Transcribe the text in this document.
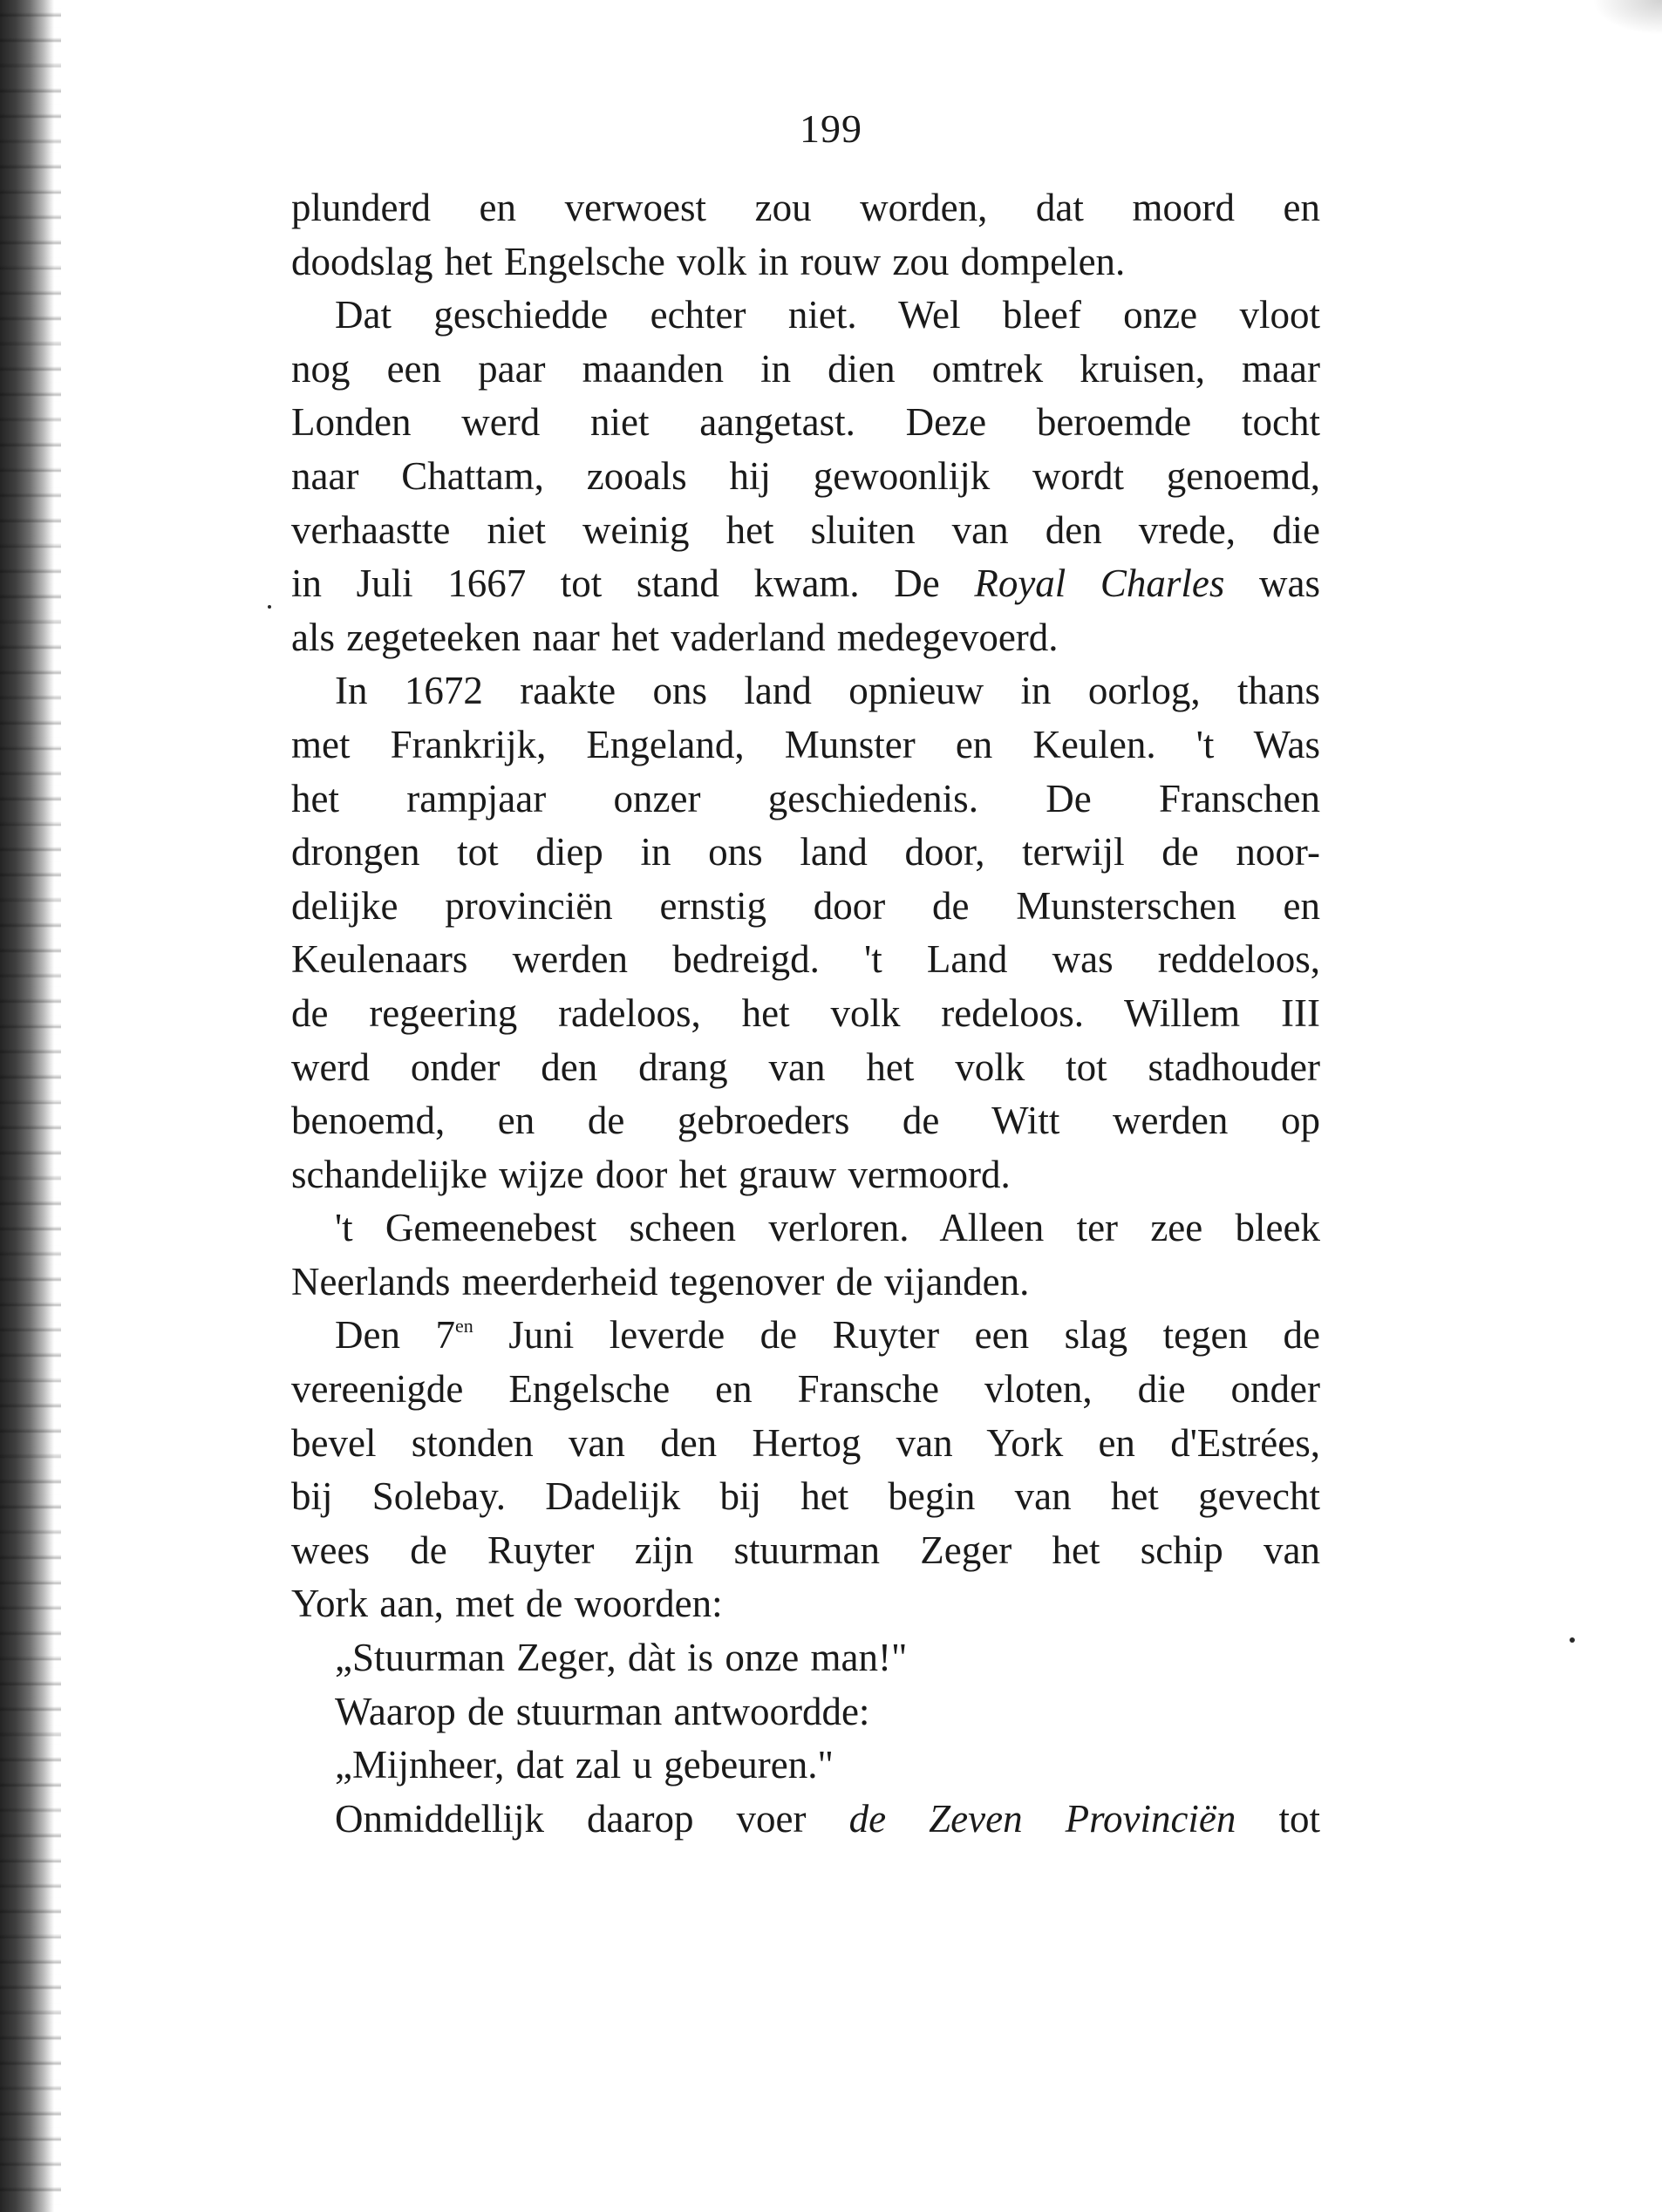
199
plunderd en verwoest zou worden, dat moord en
doodslag het Engelsche volk in rouw zou dompelen.
Dat geschiedde echter niet. Wel bleef onze vloot
nog een paar maanden in dien omtrek kruisen, maar
Londen werd niet aangetast. Deze beroemde tocht
naar Chattam, zooals hij gewoonlijk wordt genoemd,
verhaastte niet weinig het sluiten van den vrede, die
in Juli 1667 tot stand kwam. De Royal Charles was
als zegeteeken naar het vaderland medegevoerd.
In 1672 raakte ons land opnieuw in oorlog, thans
met Frankrijk, Engeland, Munster en Keulen. 't Was
het rampjaar onzer geschiedenis. De Franschen
drongen tot diep in ons land door, terwijl de noor-
delijke provinciën ernstig door de Munsterschen en
Keulenaars werden bedreigd. 't Land was reddeloos,
de regeering radeloos, het volk redeloos. Willem III
werd onder den drang van het volk tot stadhouder
benoemd, en de gebroeders de Witt werden op
schandelijke wijze door het grauw vermoord.
't Gemeenebest scheen verloren. Alleen ter zee bleek
Neerlands meerderheid tegenover de vijanden.
Den $7^{en}$ Juni leverde de Ruyter een slag tegen de
vereenigde Engelsche en Fransche vloten, die onder
bevel stonden van den Hertog van York en d'Estrées,
bij Solebay. Dadelijk bij het begin van het gevecht
wees de Ruyter zijn stuurman Zeger het schip van
York aan, met de woorden:
„Stuurman Zeger, dàt is onze man!"
Waarop de stuurman antwoordde:
„Mijnheer, dat zal u gebeuren."
Onmiddellijk daarop voer de Zeven Provinciën tot
